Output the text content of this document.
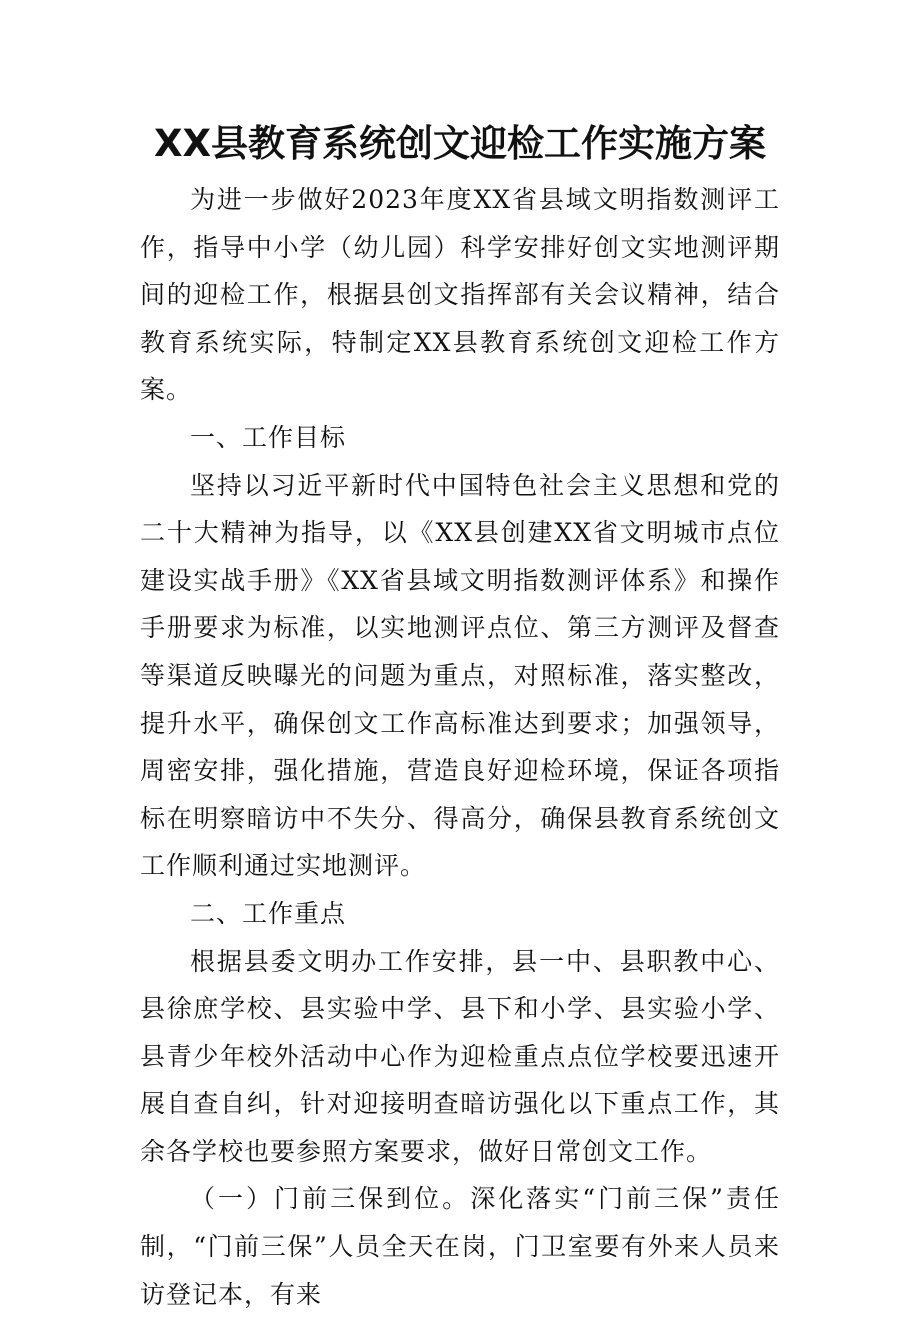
XX县教育系统创文迎检工作实施方案

为进一步做好2023年度XX省县域文明指数测评工作，指导中小学（幼儿园）科学安排好创文实地测评期间的迎检工作，根据县创文指挥部有关会议精神，结合教育系统实际，特制定XX县教育系统创文迎检工作方案。

一、工作目标

坚持以习近平新时代中国特色社会主义思想和党的二十大精神为指导，以《XX县创建XX省文明城市点位建设实战手册》《XX省县域文明指数测评体系》和操作手册要求为标准，以实地测评点位、第三方测评及督查等渠道反映曝光的问题为重点，对照标准，落实整改，提升水平，确保创文工作高标准达到要求；加强领导，周密安排，强化措施，营造良好迎检环境，保证各项指标在明察暗访中不失分、得高分，确保县教育系统创文工作顺利通过实地测评。

二、工作重点

根据县委文明办工作安排，县一中、县职教中心、县徐庶学校、县实验中学、县下和小学、县实验小学、县青少年校外活动中心作为迎检重点点位学校要迅速开展自查自纠，针对迎接明查暗访强化以下重点工作，其余各学校也要参照方案要求，做好日常创文工作。

（一）门前三保到位。深化落实“门前三保”责任制，“门前三保”人员全天在岗，门卫室要有外来人员来访登记本，有来
